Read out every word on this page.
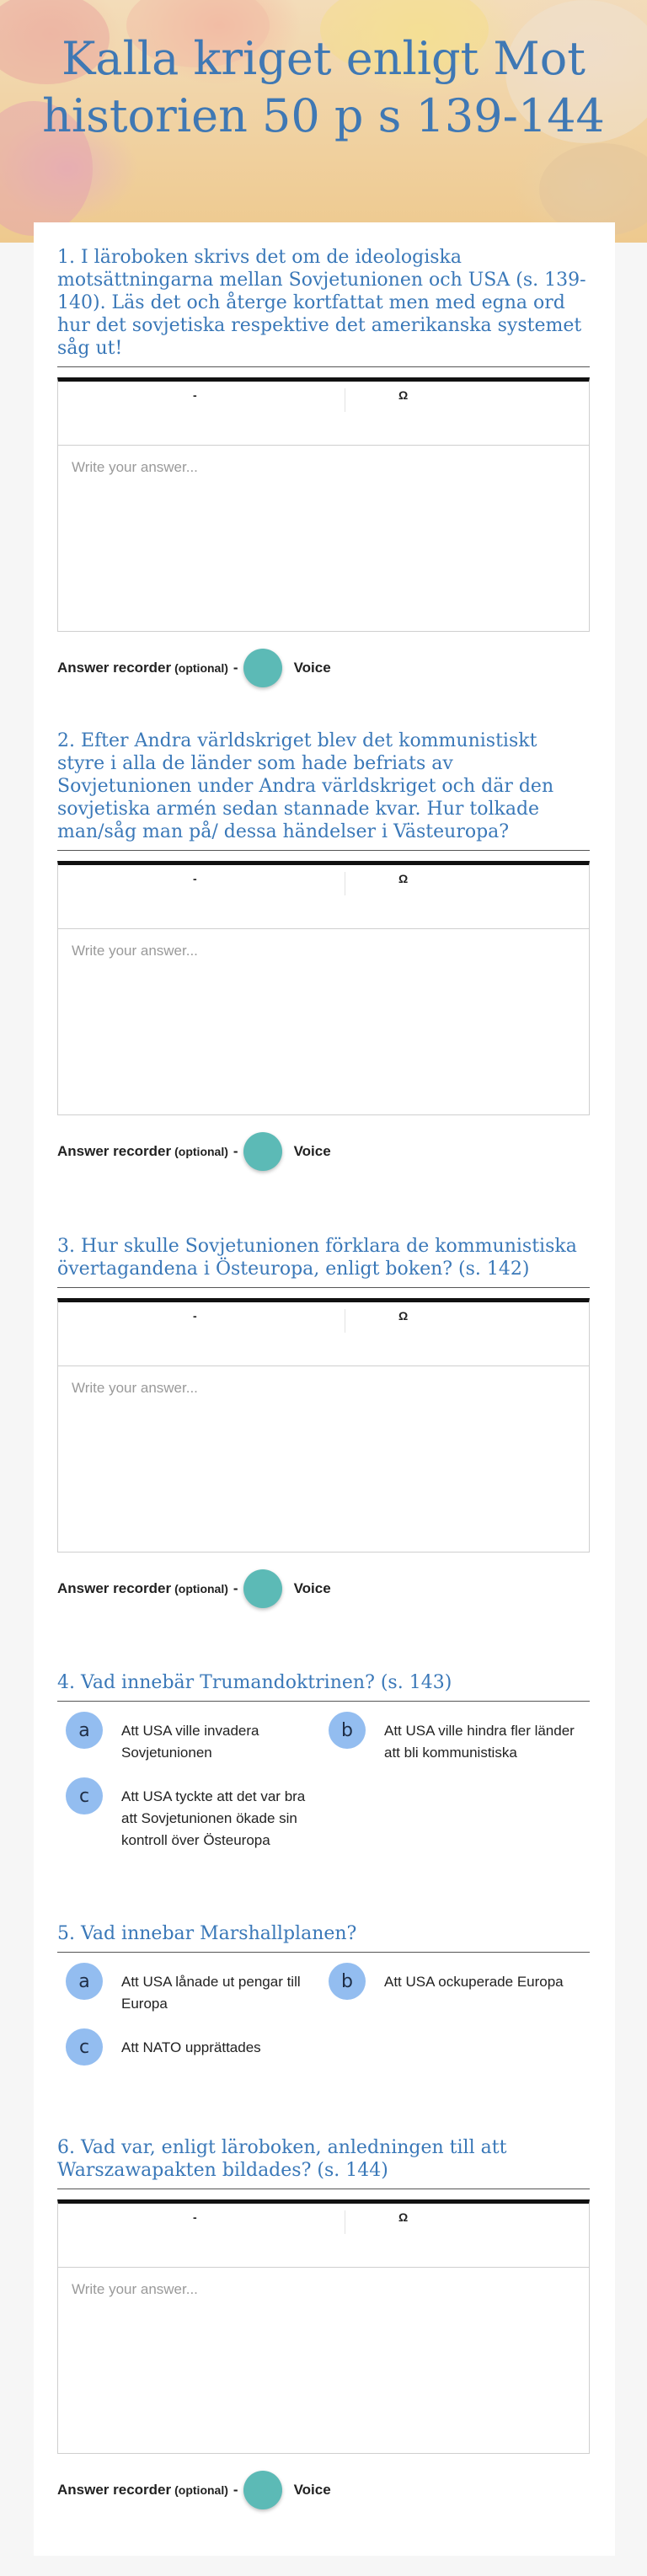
Kalla kriget enligt Mot historien 50 p s 139-144
1. I läroboken skrivs det om de ideologiska motsättningarna mellan Sovjetunionen och USA (s. 139-140). Läs det och återge kortfattat men med egna ord hur det sovjetiska respektive det amerikanska systemet såg ut!
-	Ω
Write your answer...
Answer recorder (optional) -	Voice
2. Efter Andra världskriget blev det kommunistiskt styre i alla de länder som hade befriats av Sovjetunionen under Andra världskriget och där den sovjetiska armén sedan stannade kvar. Hur tolkade man/såg man på/ dessa händelser i Västeuropa?
-	Ω
Write your answer...
Answer recorder (optional) -	Voice
3. Hur skulle Sovjetunionen förklara de kommunistiska övertagandena i Östeuropa, enligt boken? (s. 142)
-	Ω
Write your answer...
Answer recorder (optional) -	Voice
4. Vad innebär Trumandoktrinen? (s. 143)
a	Att USA ville invadera Sovjetunionen
b	Att USA ville hindra fler länder att bli kommunistiska
c	Att USA tyckte att det var bra att Sovjetunionen ökade sin kontroll över Östeuropa
5. Vad innebar Marshallplanen?
a	Att USA lånade ut pengar till Europa
b	Att USA ockuperade Europa
c	Att NATO upprättades
6. Vad var, enligt läroboken, anledningen till att Warszawapakten bildades? (s. 144)
-	Ω
Write your answer...
Answer recorder (optional) -	Voice
